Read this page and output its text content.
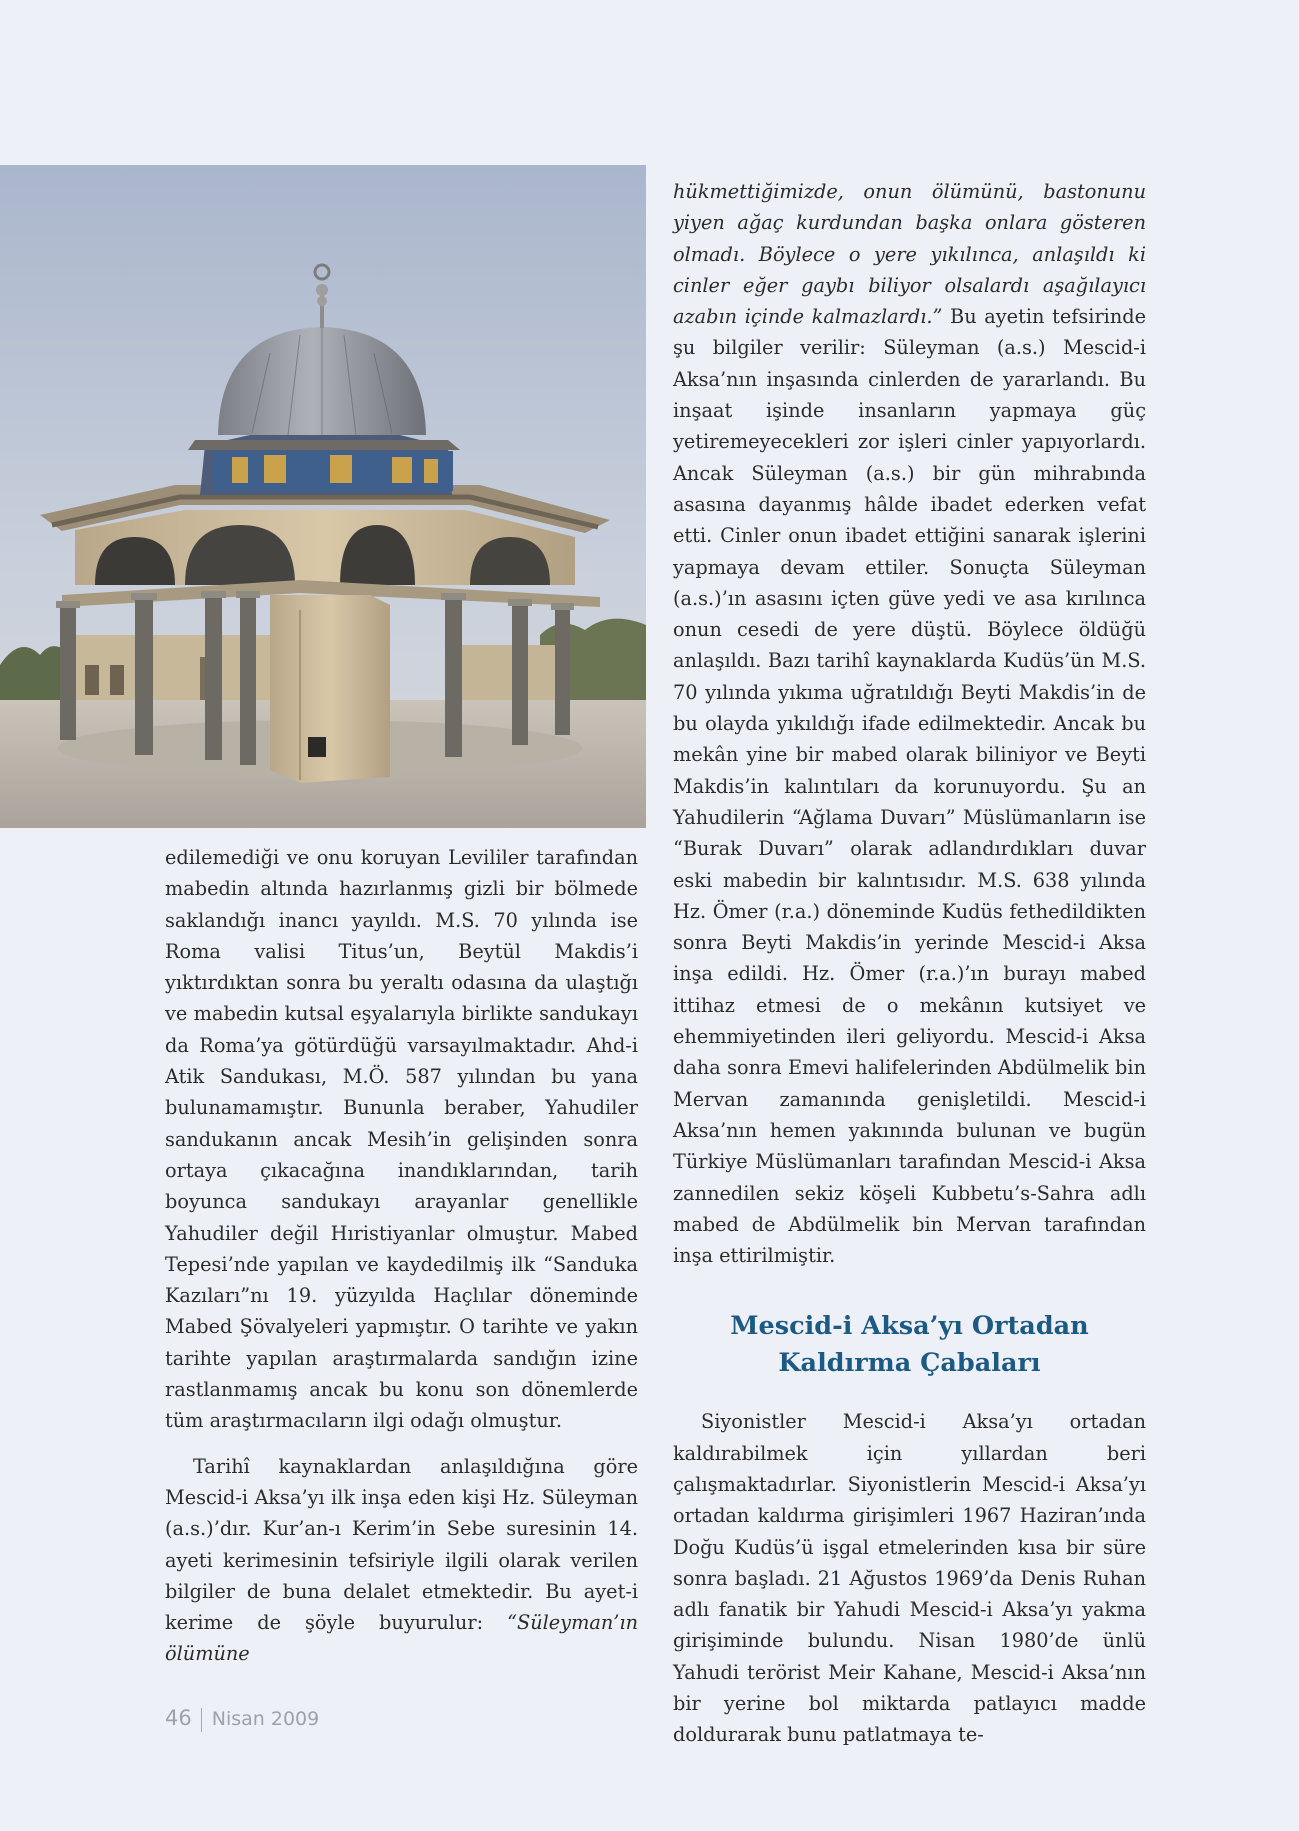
edilemediği ve onu koruyan Levililer tarafından mabedin altında hazırlanmış gizli bir bölmede saklandığı inancı yayıldı. M.S. 70 yılında ise Roma valisi Titus’un, Beytül Makdis’i yıktırdıktan sonra bu yeraltı odasına da ulaştığı ve mabedin kutsal eşyalarıyla birlikte sandukayı da Roma’ya götürdüğü varsayılmaktadır. Ahd-i Atik Sandukası, M.Ö. 587 yılından bu yana bulunamamıştır. Bununla beraber, Yahudiler sandukanın ancak Mesih’in gelişinden sonra ortaya çıkacağına inandıklarından, tarih boyunca sandukayı arayanlar genellikle Yahudiler değil Hıristiyanlar olmuştur. Mabed Tepesi’nde yapılan ve kaydedilmiş ilk “Sanduka Kazıları”nı 19. yüzyılda Haçlılar döneminde Mabed Şövalyeleri yapmıştır. O tarihte ve yakın tarihte yapılan araştırmalarda sandığın izine rastlanmamış ancak bu konu son dönemlerde tüm araştırmacıların ilgi odağı olmuştur.

Tarihî kaynaklardan anlaşıldığına göre Mescid-i Aksa’yı ilk inşa eden kişi Hz. Süleyman (a.s.)’dır. Kur’an-ı Kerim’in Sebe suresinin 14. ayeti kerimesinin tefsiriyle ilgili olarak verilen bilgiler de buna delalet etmektedir. Bu ayet-i kerime de şöyle buyurulur: “Süleyman’ın ölümüne

hükmettiğimizde, onun ölümünü, bastonunu yiyen ağaç kurdundan başka onlara gösteren olmadı. Böylece o yere yıkılınca, anlaşıldı ki cinler eğer gaybı biliyor olsalardı aşağılayıcı azabın içinde kalmazlardı.” Bu ayetin tefsirinde şu bilgiler verilir: Süleyman (a.s.) Mescid-i Aksa’nın inşasında cinlerden de yararlandı. Bu inşaat işinde insanların yapmaya güç yetiremeyecekleri zor işleri cinler yapıyorlardı. Ancak Süleyman (a.s.) bir gün mihrabında asasına dayanmış hâlde ibadet ederken vefat etti. Cinler onun ibadet ettiğini sanarak işlerini yapmaya devam ettiler. Sonuçta Süleyman (a.s.)’ın asasını içten güve yedi ve asa kırılınca onun cesedi de yere düştü. Böylece öldüğü anlaşıldı. Bazı tarihî kaynaklarda Kudüs’ün M.S. 70 yılında yıkıma uğratıldığı Beyti Makdis’in de bu olayda yıkıldığı ifade edilmektedir. Ancak bu mekân yine bir mabed olarak biliniyor ve Beyti Makdis’in kalıntıları da korunuyordu. Şu an Yahudilerin “Ağlama Duvarı” Müslümanların ise “Burak Duvarı” olarak adlandırdıkları duvar eski mabedin bir kalıntısıdır. M.S. 638 yılında Hz. Ömer (r.a.) döneminde Kudüs fethedildikten sonra Beyti Makdis’in yerinde Mescid-i Aksa inşa edildi. Hz. Ömer (r.a.)’ın burayı mabed ittihaz etmesi de o mekânın kutsiyet ve ehemmiyetinden ileri geliyordu. Mescid-i Aksa daha sonra Emevi halifelerinden Abdülmelik bin Mervan zamanında genişletildi. Mescid-i Aksa’nın hemen yakınında bulunan ve bugün Türkiye Müslümanları tarafından Mescid-i Aksa zannedilen sekiz köşeli Kubbetu’s-Sahra adlı mabed de Abdülmelik bin Mervan tarafından inşa ettirilmiştir.

Mescid-i Aksa’yı Ortadan
Kaldırma Çabaları

Siyonistler Mescid-i Aksa’yı ortadan kaldırabilmek için yıllardan beri çalışmaktadırlar. Siyonistlerin Mescid-i Aksa’yı ortadan kaldırma girişimleri 1967 Haziran’ında Doğu Kudüs’ü işgal etmelerinden kısa bir süre sonra başladı. 21 Ağustos 1969’da Denis Ruhan adlı fanatik bir Yahudi Mescid-i Aksa’yı yakma girişiminde bulundu. Nisan 1980’de ünlü Yahudi terörist Meir Kahane, Mescid-i Aksa’nın bir yerine bol miktarda patlayıcı madde doldurarak bunu patlatmaya te-

46 Nisan 2009
